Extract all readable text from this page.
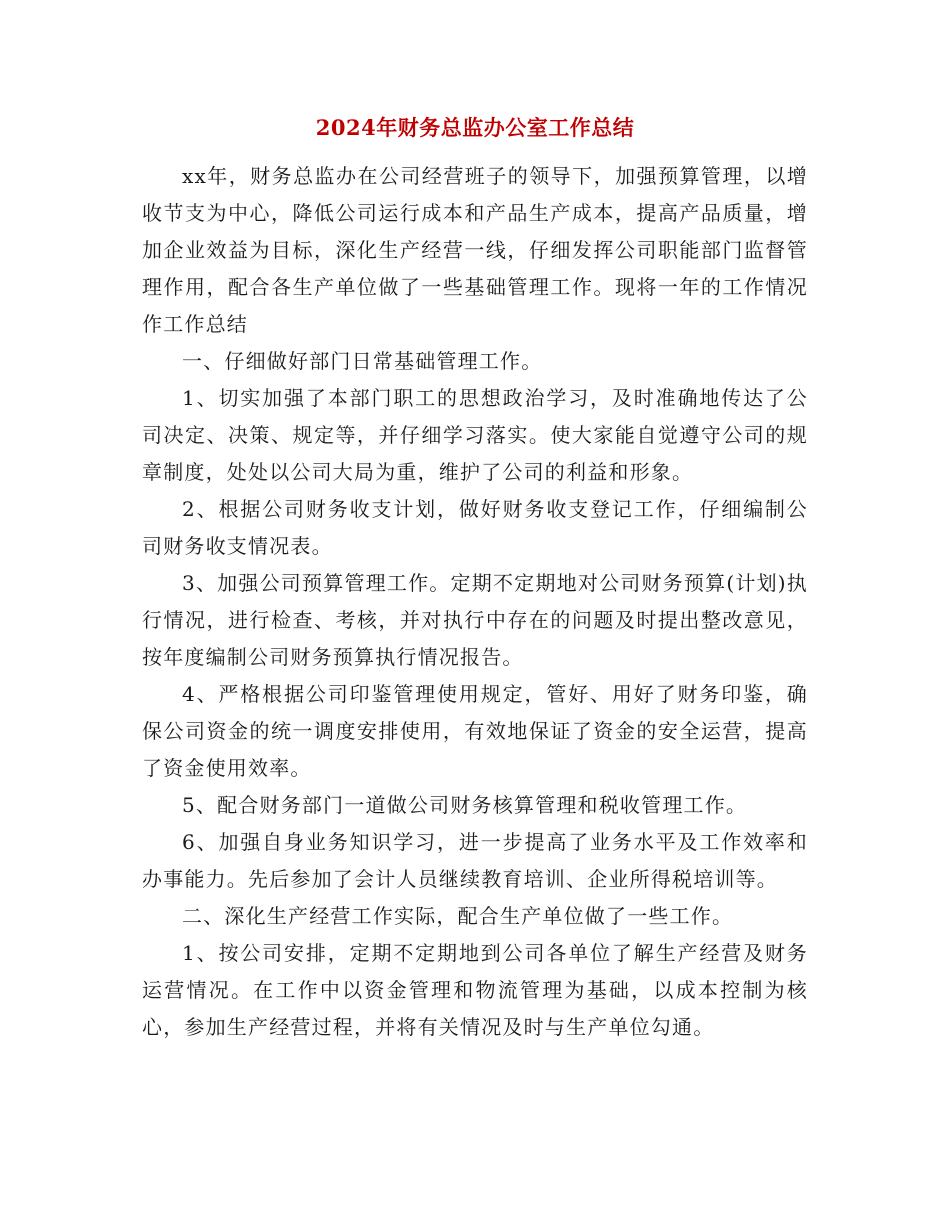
2024年财务总监办公室工作总结

xx年，财务总监办在公司经营班子的领导下，加强预算管理，以增收节支为中心，降低公司运行成本和产品生产成本，提高产品质量，增加企业效益为目标，深化生产经营一线，仔细发挥公司职能部门监督管理作用，配合各生产单位做了一些基础管理工作。现将一年的工作情况作工作总结

一、仔细做好部门日常基础管理工作。

1、切实加强了本部门职工的思想政治学习，及时准确地传达了公司决定、决策、规定等，并仔细学习落实。使大家能自觉遵守公司的规章制度，处处以公司大局为重，维护了公司的利益和形象。

2、根据公司财务收支计划，做好财务收支登记工作，仔细编制公司财务收支情况表。

3、加强公司预算管理工作。定期不定期地对公司财务预算(计划)执行情况，进行检查、考核，并对执行中存在的问题及时提出整改意见，按年度编制公司财务预算执行情况报告。

4、严格根据公司印鉴管理使用规定，管好、用好了财务印鉴，确保公司资金的统一调度安排使用，有效地保证了资金的安全运营，提高了资金使用效率。

5、配合财务部门一道做公司财务核算管理和税收管理工作。

6、加强自身业务知识学习，进一步提高了业务水平及工作效率和办事能力。先后参加了会计人员继续教育培训、企业所得税培训等。

二、深化生产经营工作实际，配合生产单位做了一些工作。

1、按公司安排，定期不定期地到公司各单位了解生产经营及财务运营情况。在工作中以资金管理和物流管理为基础，以成本控制为核心，参加生产经营过程，并将有关情况及时与生产单位勾通。
